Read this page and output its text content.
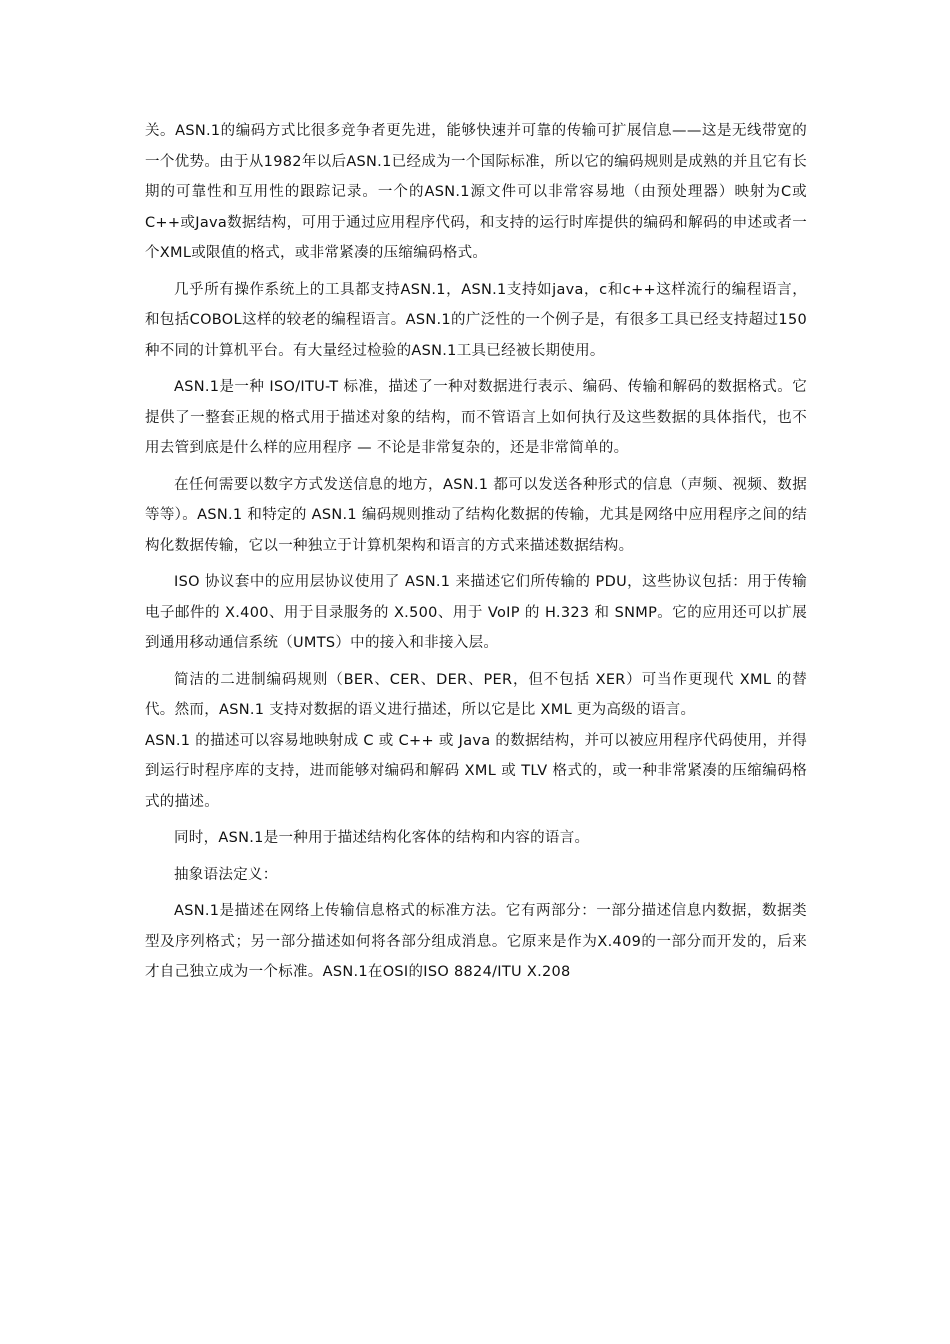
关。ASN.1的编码方式比很多竞争者更先进，能够快速并可靠的传输可扩展信息——这是无线带宽的一个优势。由于从1982年以后ASN.1已经成为一个国际标准，所以它的编码规则是成熟的并且它有长期的可靠性和互用性的跟踪记录。一个的ASN.1源文件可以非常容易地（由预处理器）映射为C或C++或Java数据结构，可用于通过应用程序代码，和支持的运行时库提供的编码和解码的申述或者一个XML或限值的格式，或非常紧凑的压缩编码格式。

几乎所有操作系统上的工具都支持ASN.1，ASN.1支持如java，c和c++这样流行的编程语言，和包括COBOL这样的较老的编程语言。ASN.1的广泛性的一个例子是，有很多工具已经支持超过150种不同的计算机平台。有大量经过检验的ASN.1工具已经被长期使用。

ASN.1是一种 ISO/ITU-T 标准，描述了一种对数据进行表示、编码、传输和解码的数据格式。它提供了一整套正规的格式用于描述对象的结构，而不管语言上如何执行及这些数据的具体指代，也不用去管到底是什么样的应用程序 — 不论是非常复杂的，还是非常简单的。

在任何需要以数字方式发送信息的地方，ASN.1 都可以发送各种形式的信息（声频、视频、数据等等）。ASN.1 和特定的 ASN.1 编码规则推动了结构化数据的传输，尤其是网络中应用程序之间的结构化数据传输，它以一种独立于计算机架构和语言的方式来描述数据结构。

ISO 协议套中的应用层协议使用了 ASN.1 来描述它们所传输的 PDU，这些协议包括：用于传输电子邮件的 X.400、用于目录服务的 X.500、用于 VoIP 的 H.323 和 SNMP。它的应用还可以扩展到通用移动通信系统（UMTS）中的接入和非接入层。

简洁的二进制编码规则（BER、CER、DER、PER，但不包括 XER）可当作更现代 XML 的替代。然而，ASN.1 支持对数据的语义进行描述，所以它是比 XML 更为高级的语言。

ASN.1 的描述可以容易地映射成 C 或 C++ 或 Java 的数据结构，并可以被应用程序代码使用，并得到运行时程序库的支持，进而能够对编码和解码 XML 或 TLV 格式的，或一种非常紧凑的压缩编码格式的描述。

同时，ASN.1是一种用于描述结构化客体的结构和内容的语言。

抽象语法定义：

ASN.1是描述在网络上传输信息格式的标准方法。它有两部分：一部分描述信息内数据，数据类型及序列格式；另一部分描述如何将各部分组成消息。它原来是作为X.409的一部分而开发的，后来才自己独立成为一个标准。ASN.1在OSI的ISO 8824/ITU X.208
